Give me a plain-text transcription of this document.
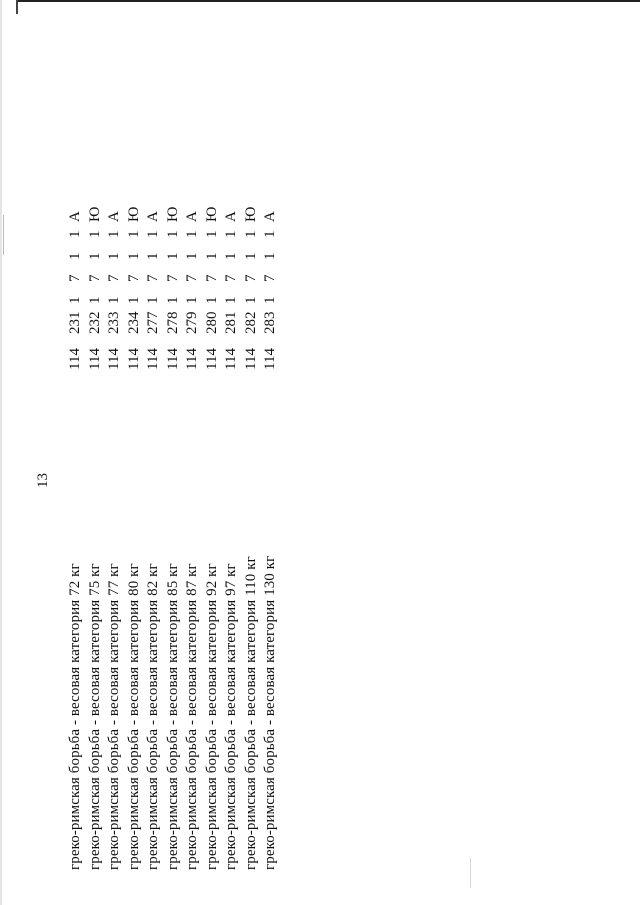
13
греко-римская борьба - весовая категория 72 кг
114
231
1
7
1
1
А
греко-римская борьба - весовая категория 75 кг
114
232
1
7
1
1
Ю
греко-римская борьба - весовая категория 77 кг
114
233
1
7
1
1
А
греко-римская борьба - весовая категория 80 кг
114
234
1
7
1
1
Ю
греко-римская борьба - весовая категория 82 кг
114
277
1
7
1
1
А
греко-римская борьба - весовая категория 85 кг
114
278
1
7
1
1
Ю
греко-римская борьба - весовая категория 87 кг
114
279
1
7
1
1
А
греко-римская борьба - весовая категория 92 кг
114
280
1
7
1
1
Ю
греко-римская борьба - весовая категория 97 кг
114
281
1
7
1
1
А
греко-римская борьба - весовая категория 110 кг
114
282
1
7
1
1
Ю
греко-римская борьба - весовая категория 130 кг
114
283
1
7
1
1
А
